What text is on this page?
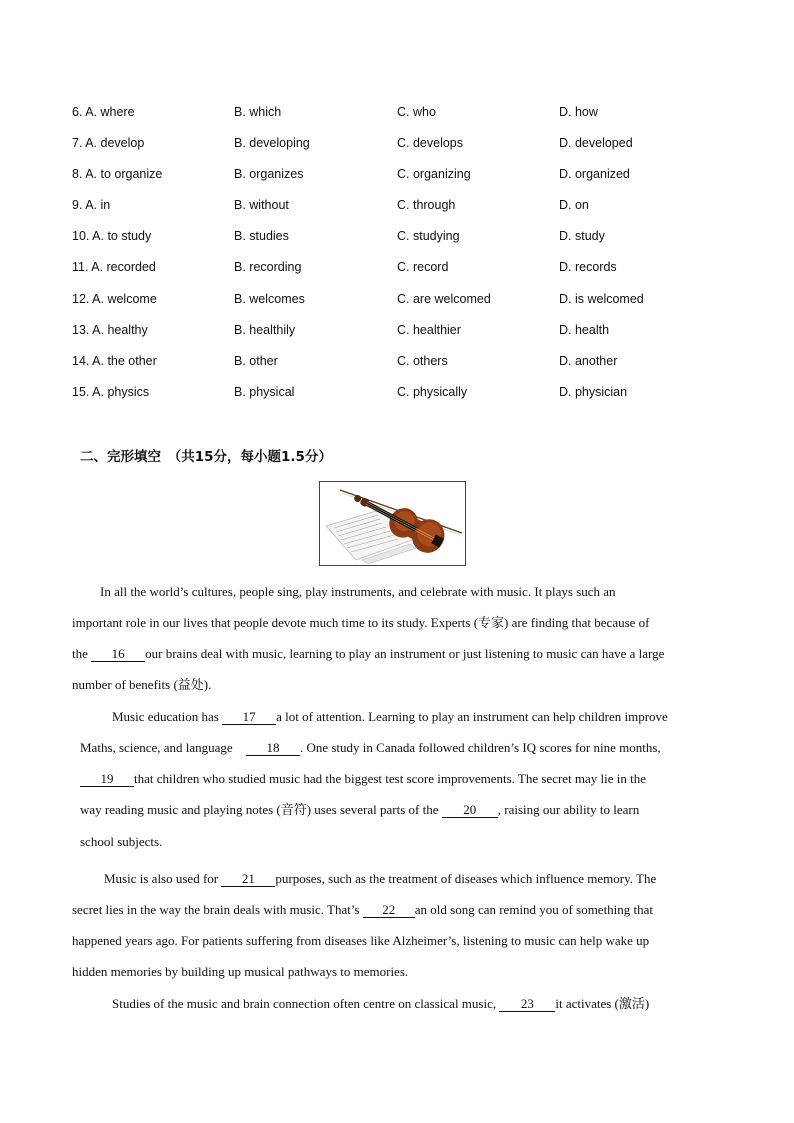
6. A. where	B. which	C. who	D. how
7. A. develop	B. developing	C. develops	D. developed
8. A. to organize	B. organizes	C. organizing	D. organized
9. A. in	B. without	C. through	D. on
10. A. to study	B. studies	C. studying	D. study
11. A. recorded	B. recording	C. record	D. records
12. A. welcome	B. welcomes	C. are welcomed	D. is welcomed
13. A. healthy	B. healthily	C. healthier	D. health
14. A. the other	B. other	C. others	D. another
15. A. physics	B. physical	C. physically	D. physician
二、完形填空　（共15分，每小题1.5分）
In all the world’s cultures, people sing, play instruments, and celebrate with music. It plays such an
important role in our lives that people devote much time to its study. Experts (专家) are finding that because of
the 16 our brains deal with music, learning to play an instrument or just listening to music can have a large
number of benefits (益处).
Music education has 17 a lot of attention. Learning to play an instrument can help children improve
Maths, science, and language 18 . One study in Canada followed children’s IQ scores for nine months,
19 that children who studied music had the biggest test score improvements. The secret may lie in the
way reading music and playing notes (音符) uses several parts of the 20 , raising our ability to learn
school subjects.
Music is also used for 21 purposes, such as the treatment of diseases which influence memory. The
secret lies in the way the brain deals with music. That’s 22 an old song can remind you of something that
happened years ago. For patients suffering from diseases like Alzheimer’s, listening to music can help wake up
hidden memories by building up musical pathways to memories.
Studies of the music and brain connection often centre on classical music, 23 it activates (激活)
